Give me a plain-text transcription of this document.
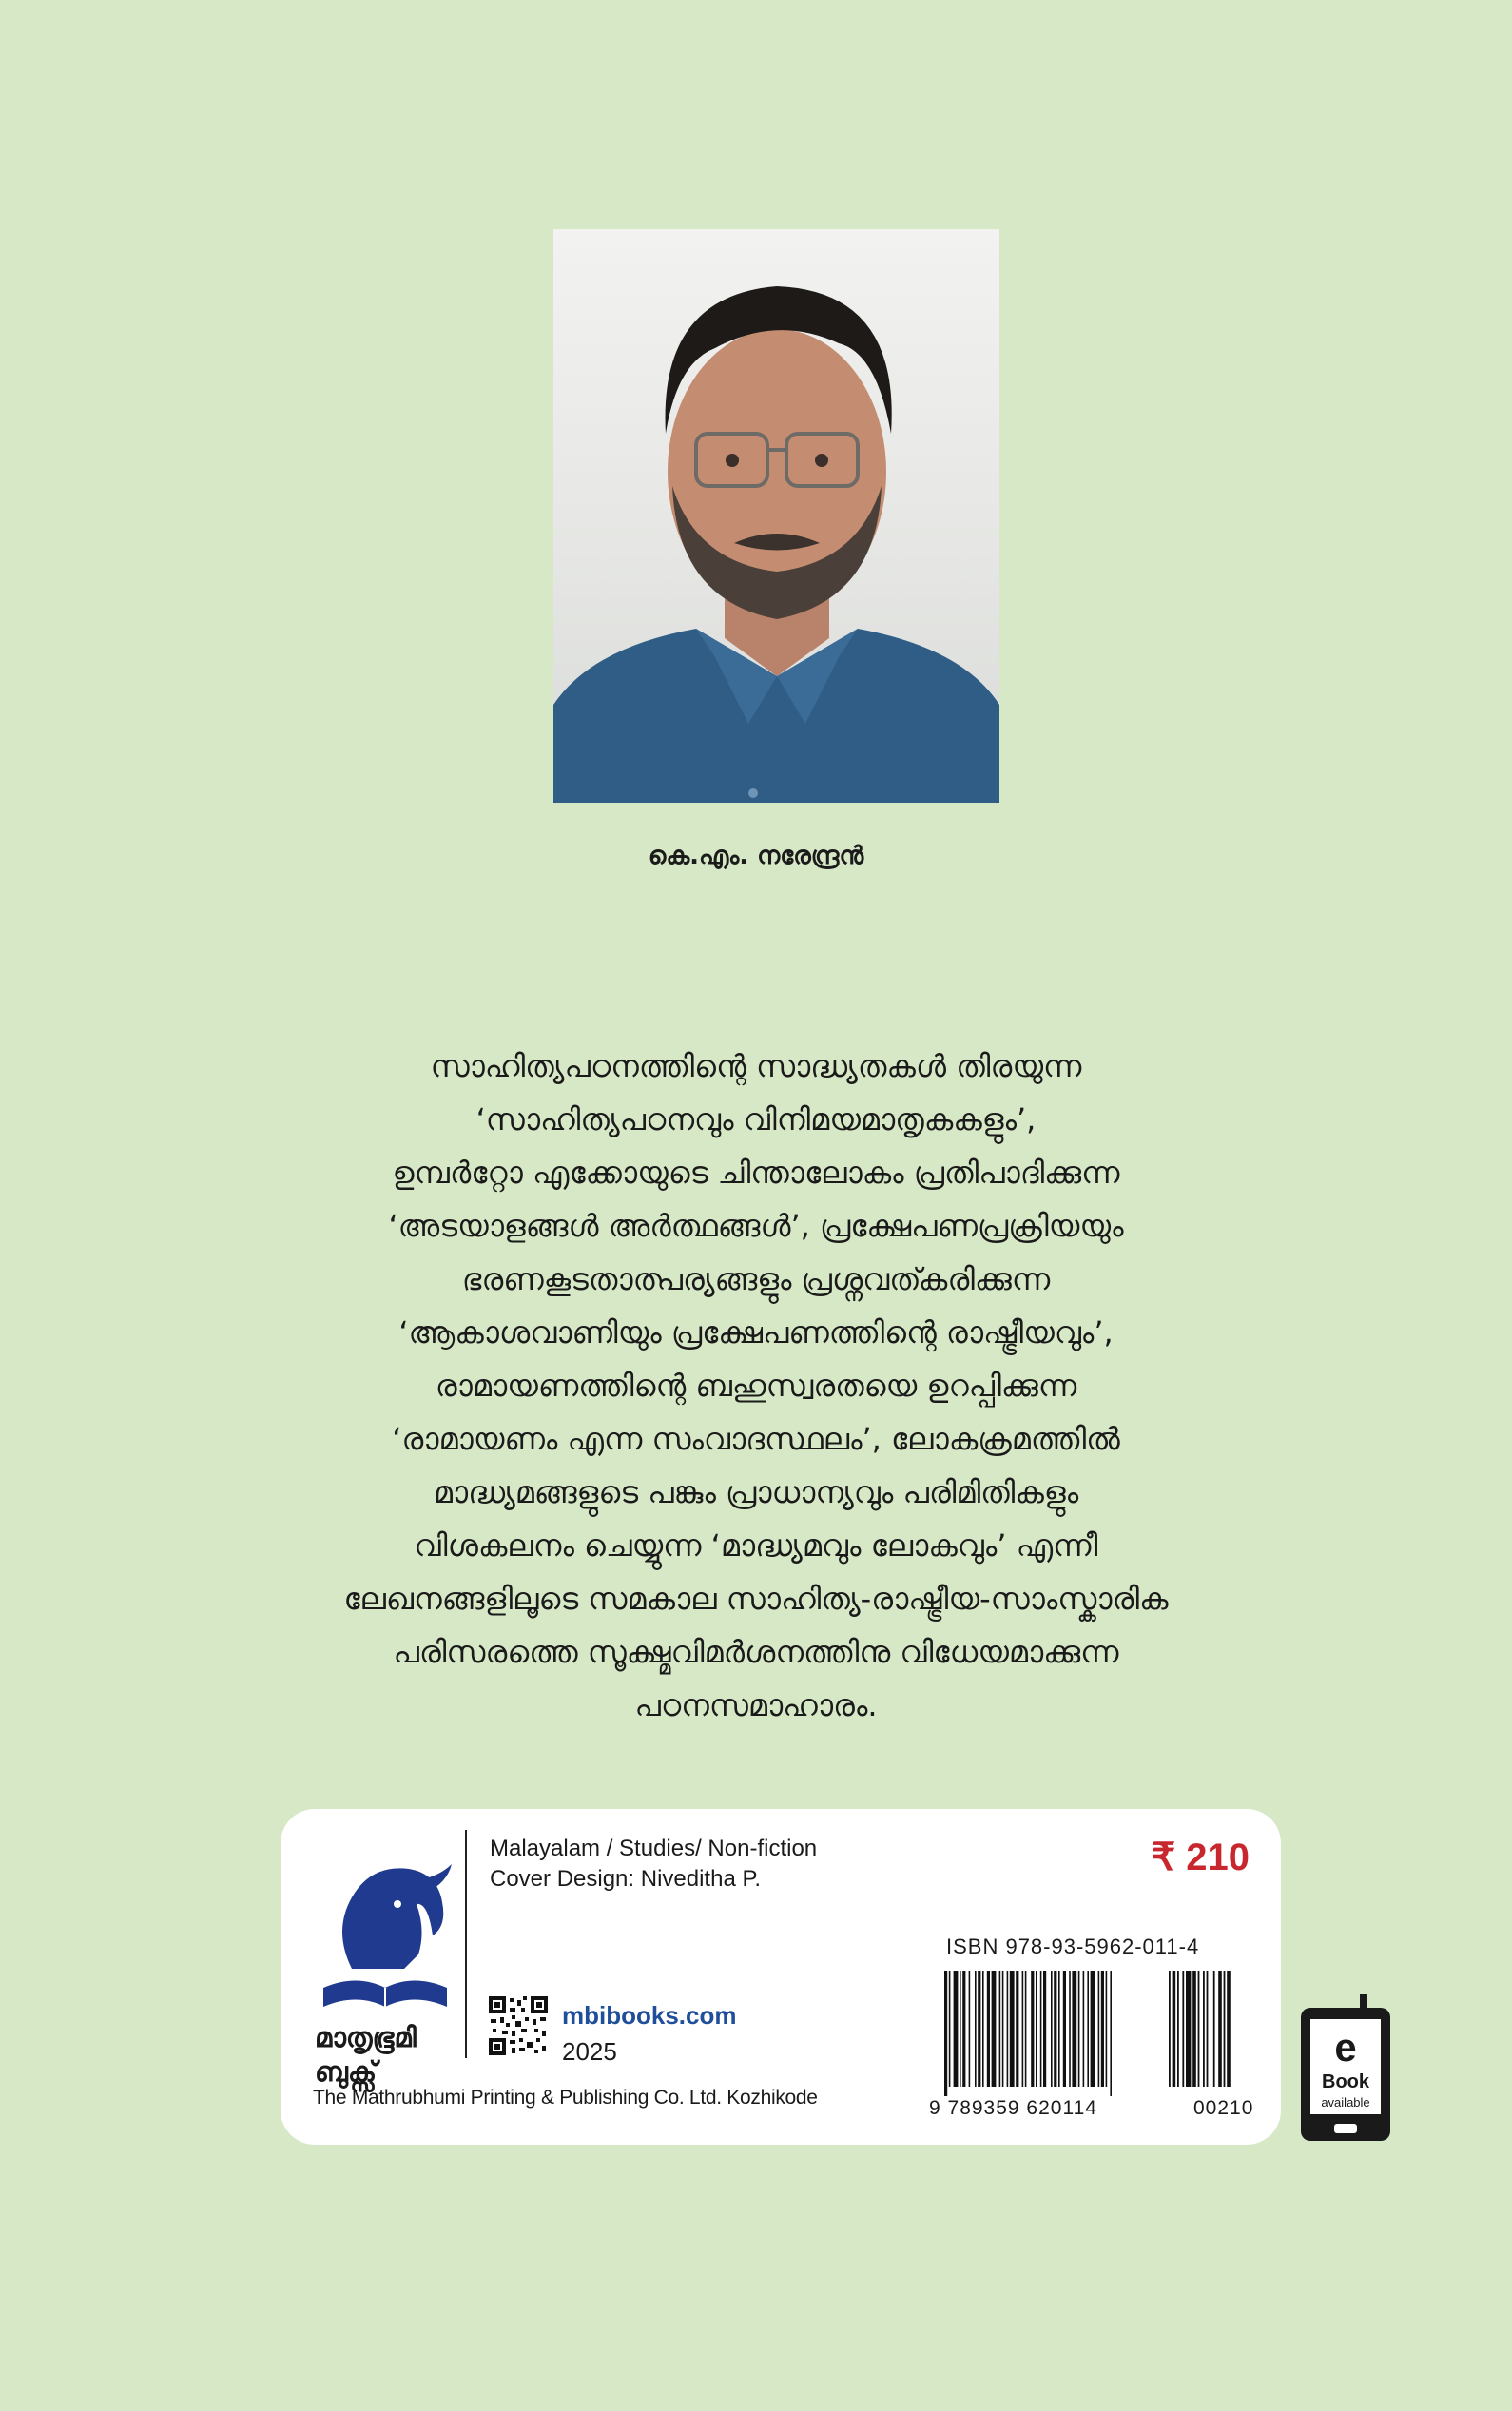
കെ.എം. നരേന്ദ്രൻ
സാഹിത്യപഠനത്തിന്റെ സാദ്ധ്യതകൾ തിരയുന്ന
‘സാഹിത്യപഠനവും വിനിമയമാതൃകകളും’,
ഉമ്പർറ്റോ എക്കോയുടെ ചിന്താലോകം പ്രതിപാദിക്കുന്ന
‘അടയാളങ്ങൾ അർത്ഥങ്ങൾ’, പ്രക്ഷേപണപ്രക്രിയയും
ഭരണകൂടതാത്പര്യങ്ങളും പ്രശ്നവത്കരിക്കുന്ന
‘ആകാശവാണിയും പ്രക്ഷേപണത്തിന്റെ രാഷ്ട്രീയവും’,
രാമായണത്തിന്റെ ബഹുസ്വരതയെ ഉറപ്പിക്കുന്ന
‘രാമായണം എന്ന സംവാദസ്ഥലം’, ലോകക്രമത്തിൽ
മാദ്ധ്യമങ്ങളുടെ പങ്കും പ്രാധാന്യവും പരിമിതികളും
വിശകലനം ചെയ്യുന്ന ‘മാദ്ധ്യമവും ലോകവും’ എന്നീ
ലേഖനങ്ങളിലൂടെ സമകാല സാഹിത്യ-രാഷ്ട്രീയ-സാംസ്കാരിക
പരിസരത്തെ സൂക്ഷ്മവിമർശനത്തിനു വിധേയമാക്കുന്ന
പഠനസമാഹാരം.
മാതൃഭൂമി
ബുക്സ്
The Mathrubhumi Printing & Publishing Co. Ltd. Kozhikode
Malayalam / Studies/ Non-fiction
Cover Design: Niveditha P.
₹ 210
ISBN 978-93-5962-011-4
mbibooks.com
2025
9 789359 620114	00210
e
Book
available
